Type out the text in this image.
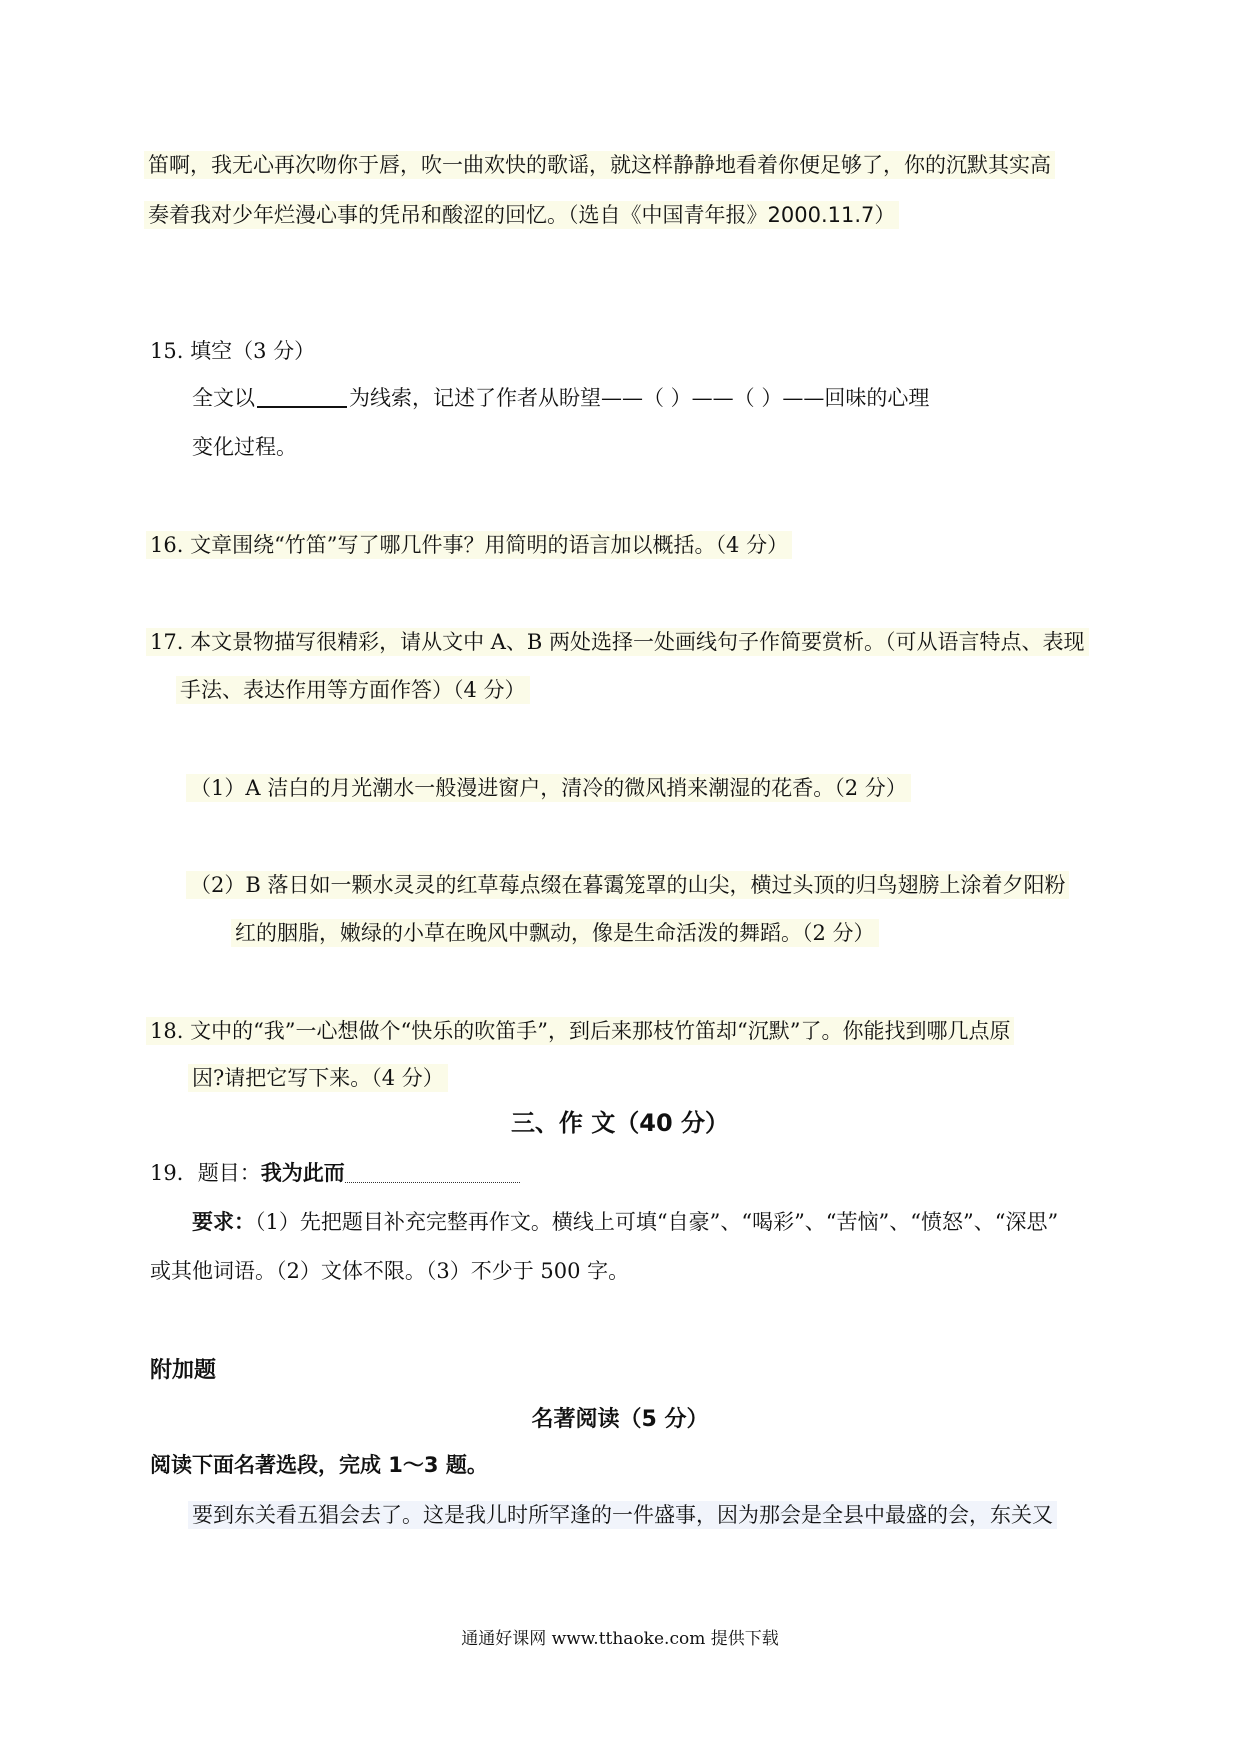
笛啊，我无心再次吻你于唇，吹一曲欢快的歌谣，就这样静静地看着你便足够了，你的沉默其实高
奏着我对少年烂漫心事的凭吊和酸涩的回忆。（选自《中国青年报》2000.11.7）
15. 填空（3 分）
全文以	为线索，记述了作者从盼望——（ ）——（ ）——回味的心理
变化过程。
16. 文章围绕“竹笛”写了哪几件事？用简明的语言加以概括。（4 分）
17. 本文景物描写很精彩，请从文中 A、B 两处选择一处画线句子作简要赏析。（可从语言特点、表现
手法、表达作用等方面作答）（4 分）
（1）A 洁白的月光潮水一般漫进窗户，清冷的微风捎来潮湿的花香。（2 分）
（2）B 落日如一颗水灵灵的红草莓点缀在暮霭笼罩的山尖，横过头顶的归鸟翅膀上涂着夕阳粉
红的胭脂，嫩绿的小草在晚风中飘动，像是生命活泼的舞蹈。（2 分）
18. 文中的“我”一心想做个“快乐的吹笛手”，到后来那枝竹笛却“沉默”了。你能找到哪几点原
因?请把它写下来。（4 分）
三、作 文（40 分）
19．题目：我为此而
要求：（1）先把题目补充完整再作文。横线上可填“自豪”、“喝彩”、“苦恼”、“愤怒”、“深思”
或其他词语。（2）文体不限。（3）不少于 500 字。
附加题
名著阅读（5 分）
阅读下面名著选段，完成 1～3 题。
要到东关看五猖会去了。这是我儿时所罕逢的一件盛事，因为那会是全县中最盛的会，东关又
通通好课网 www.tthaoke.com 提供下载
